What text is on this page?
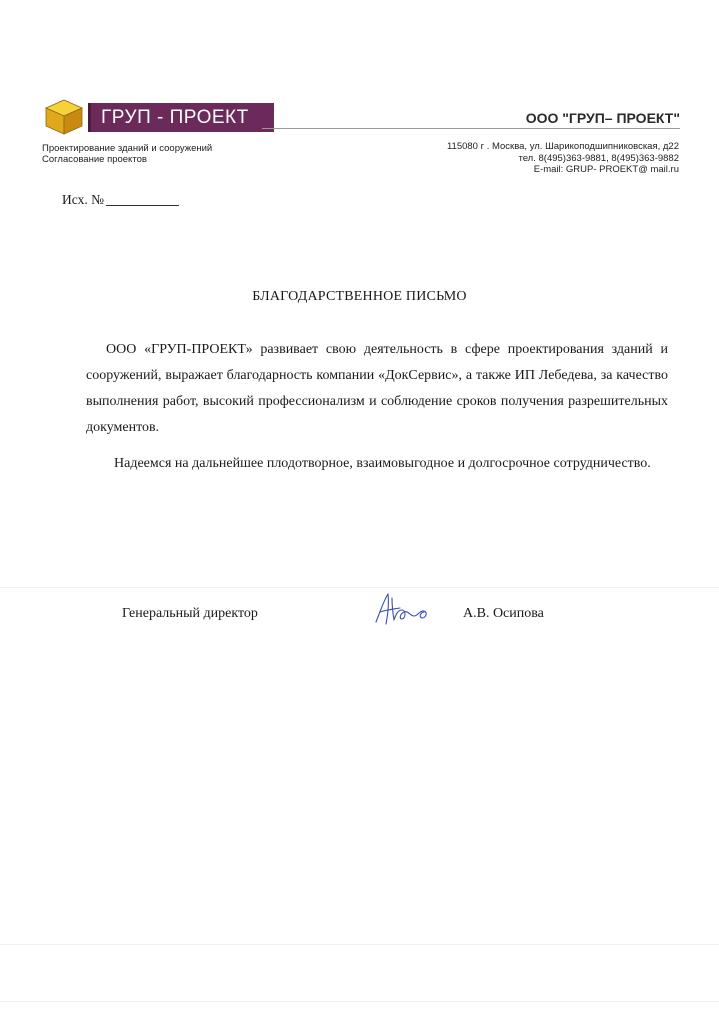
ГРУП - ПРОЕКТ	ООО "ГРУП– ПРОЕКТ"
Проектирование зданий и сооружений
Согласование проектов
115080 г . Москва, ул. Шарикоподшипниковская, д22
тел. 8(495)363-9881, 8(495)363-9882
E-mail: GRUP- PROEKT@ mail.ru
Исх. №
БЛАГОДАРСТВЕННОЕ ПИСЬМО
ООО «ГРУП-ПРОЕКТ» развивает свою деятельность в сфере проектирования зданий и сооружений, выражает благодарность компании «ДокСервис», а также ИП Лебедева, за качество выполнения работ, высокий профессионализм и соблюдение сроков получения разрешительных документов.
Надеемся на дальнейшее плодотворное, взаимовыгодное и долгосрочное сотрудничество.
Генеральный директор	А.В. Осипова
